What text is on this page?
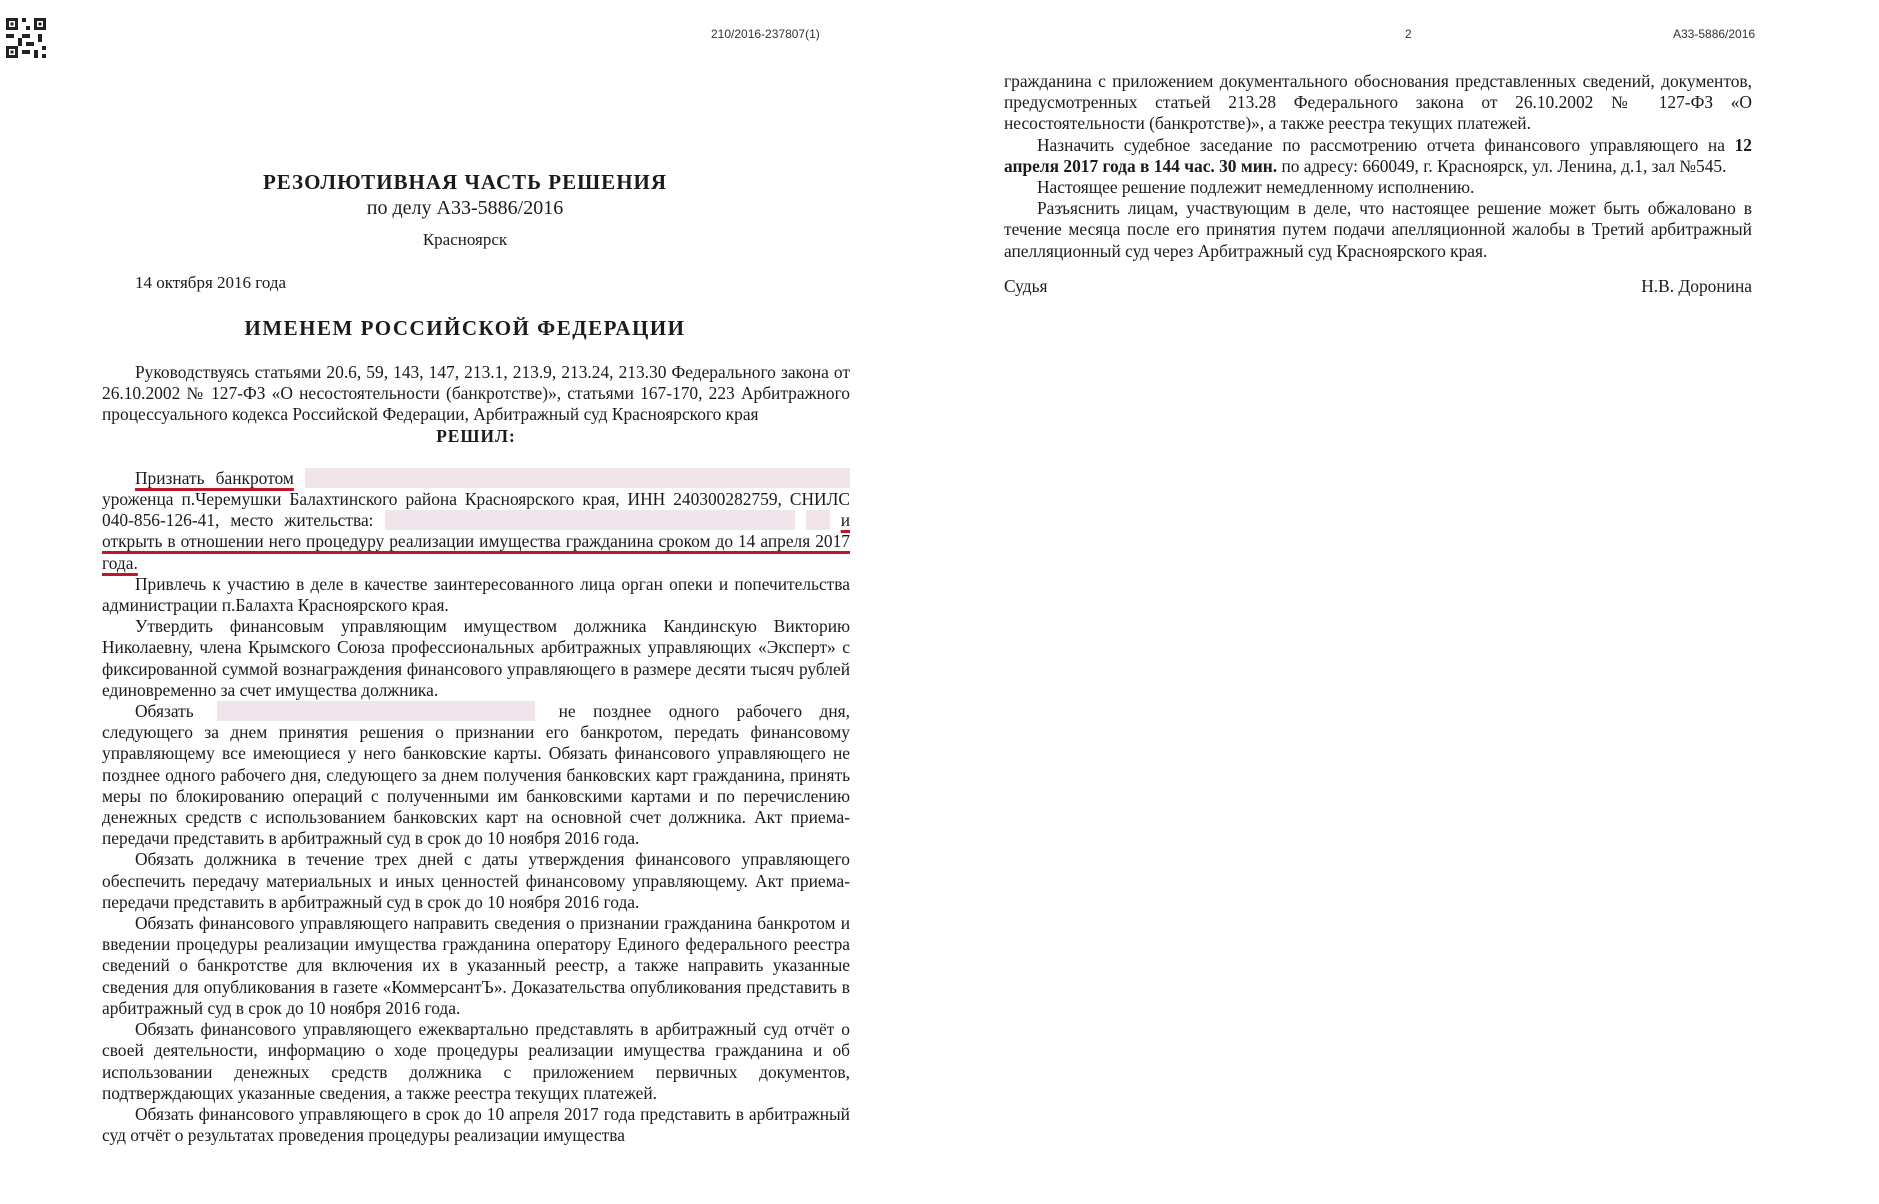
210/2016-237807(1)
РЕЗОЛЮТИВНАЯ ЧАСТЬ РЕШЕНИЯ
по делу А33-5886/2016
Красноярск
14 октября 2016 года
ИМЕНЕМ РОССИЙСКОЙ ФЕДЕРАЦИИ

Руководствуясь статьями 20.6, 59, 143, 147, 213.1, 213.9, 213.24, 213.30 Федерального закона от 26.10.2002 № 127-ФЗ «О несостоятельности (банкротстве)», статьями 167-170, 223 Арбитражного процессуального кодекса Российской Федерации, Арбитражный суд Красноярского края

РЕШИЛ:

Признать банкротом  уроженца п.Черемушки Балахтинского района Красноярского края, ИНН 240300282759, СНИЛС 040-856-126-41, место жительства:	и открыть в отношении него процедуру реализации имущества гражданина сроком до 14 апреля 2017 года.

Привлечь к участию в деле в качестве заинтересованного лица орган опеки и попечительства администрации п.Балахта Красноярского края.

Утвердить финансовым управляющим имуществом должника Кандинскую Викторию Николаевну, члена Крымского Союза профессиональных арбитражных управляющих «Эксперт» с фиксированной суммой вознаграждения финансового управляющего в размере десяти тысяч рублей единовременно за счет имущества должника.

Обязать	не позднее одного рабочего дня, следующего за днем принятия решения о признании его банкротом, передать финансовому управляющему все имеющиеся у него банковские карты. Обязать финансового управляющего не позднее одного рабочего дня, следующего за днем получения банковских карт гражданина, принять меры по блокированию операций с полученными им банковскими картами и по перечислению денежных средств с использованием банковских карт на основной счет должника. Акт приема-передачи представить в арбитражный суд в срок до 10 ноября 2016 года.

Обязать должника в течение трех дней с даты утверждения финансового управляющего обеспечить передачу материальных и иных ценностей финансовому управляющему. Акт приема-передачи представить в арбитражный суд в срок до 10 ноября 2016 года.

Обязать финансового управляющего направить сведения о признании гражданина банкротом и введении процедуры реализации имущества гражданина оператору Единого федерального реестра сведений о банкротстве для включения их в указанный реестр, а также направить указанные сведения для опубликования в газете «КоммерсантЪ». Доказательства опубликования представить в арбитражный суд в срок до 10 ноября 2016 года.

Обязать финансового управляющего ежеквартально представлять в арбитражный суд отчёт о своей деятельности, информацию о ходе процедуры реализации имущества гражданина и об использовании денежных средств должника с приложением первичных документов, подтверждающих указанные сведения, а также реестра текущих платежей.

Обязать финансового управляющего в срок до 10 апреля 2017 года представить в арбитражный суд отчёт о результатах проведения процедуры реализации имущества

2	А33-5886/2016

гражданина с приложением документального обоснования представленных сведений, документов, предусмотренных статьей 213.28 Федерального закона от 26.10.2002 № 127-ФЗ «О несостоятельности (банкротстве)», а также реестра текущих платежей.

Назначить судебное заседание по рассмотрению отчета финансового управляющего на 12 апреля 2017 года в 144 час. 30 мин. по адресу: 660049, г. Красноярск, ул. Ленина, д.1, зал №545.

Настоящее решение подлежит немедленному исполнению.

Разъяснить лицам, участвующим в деле, что настоящее решение может быть обжаловано в течение месяца после его принятия путем подачи апелляционной жалобы в Третий арбитражный апелляционный суд через Арбитражный суд Красноярского края.

Судья	Н.В. Доронина
